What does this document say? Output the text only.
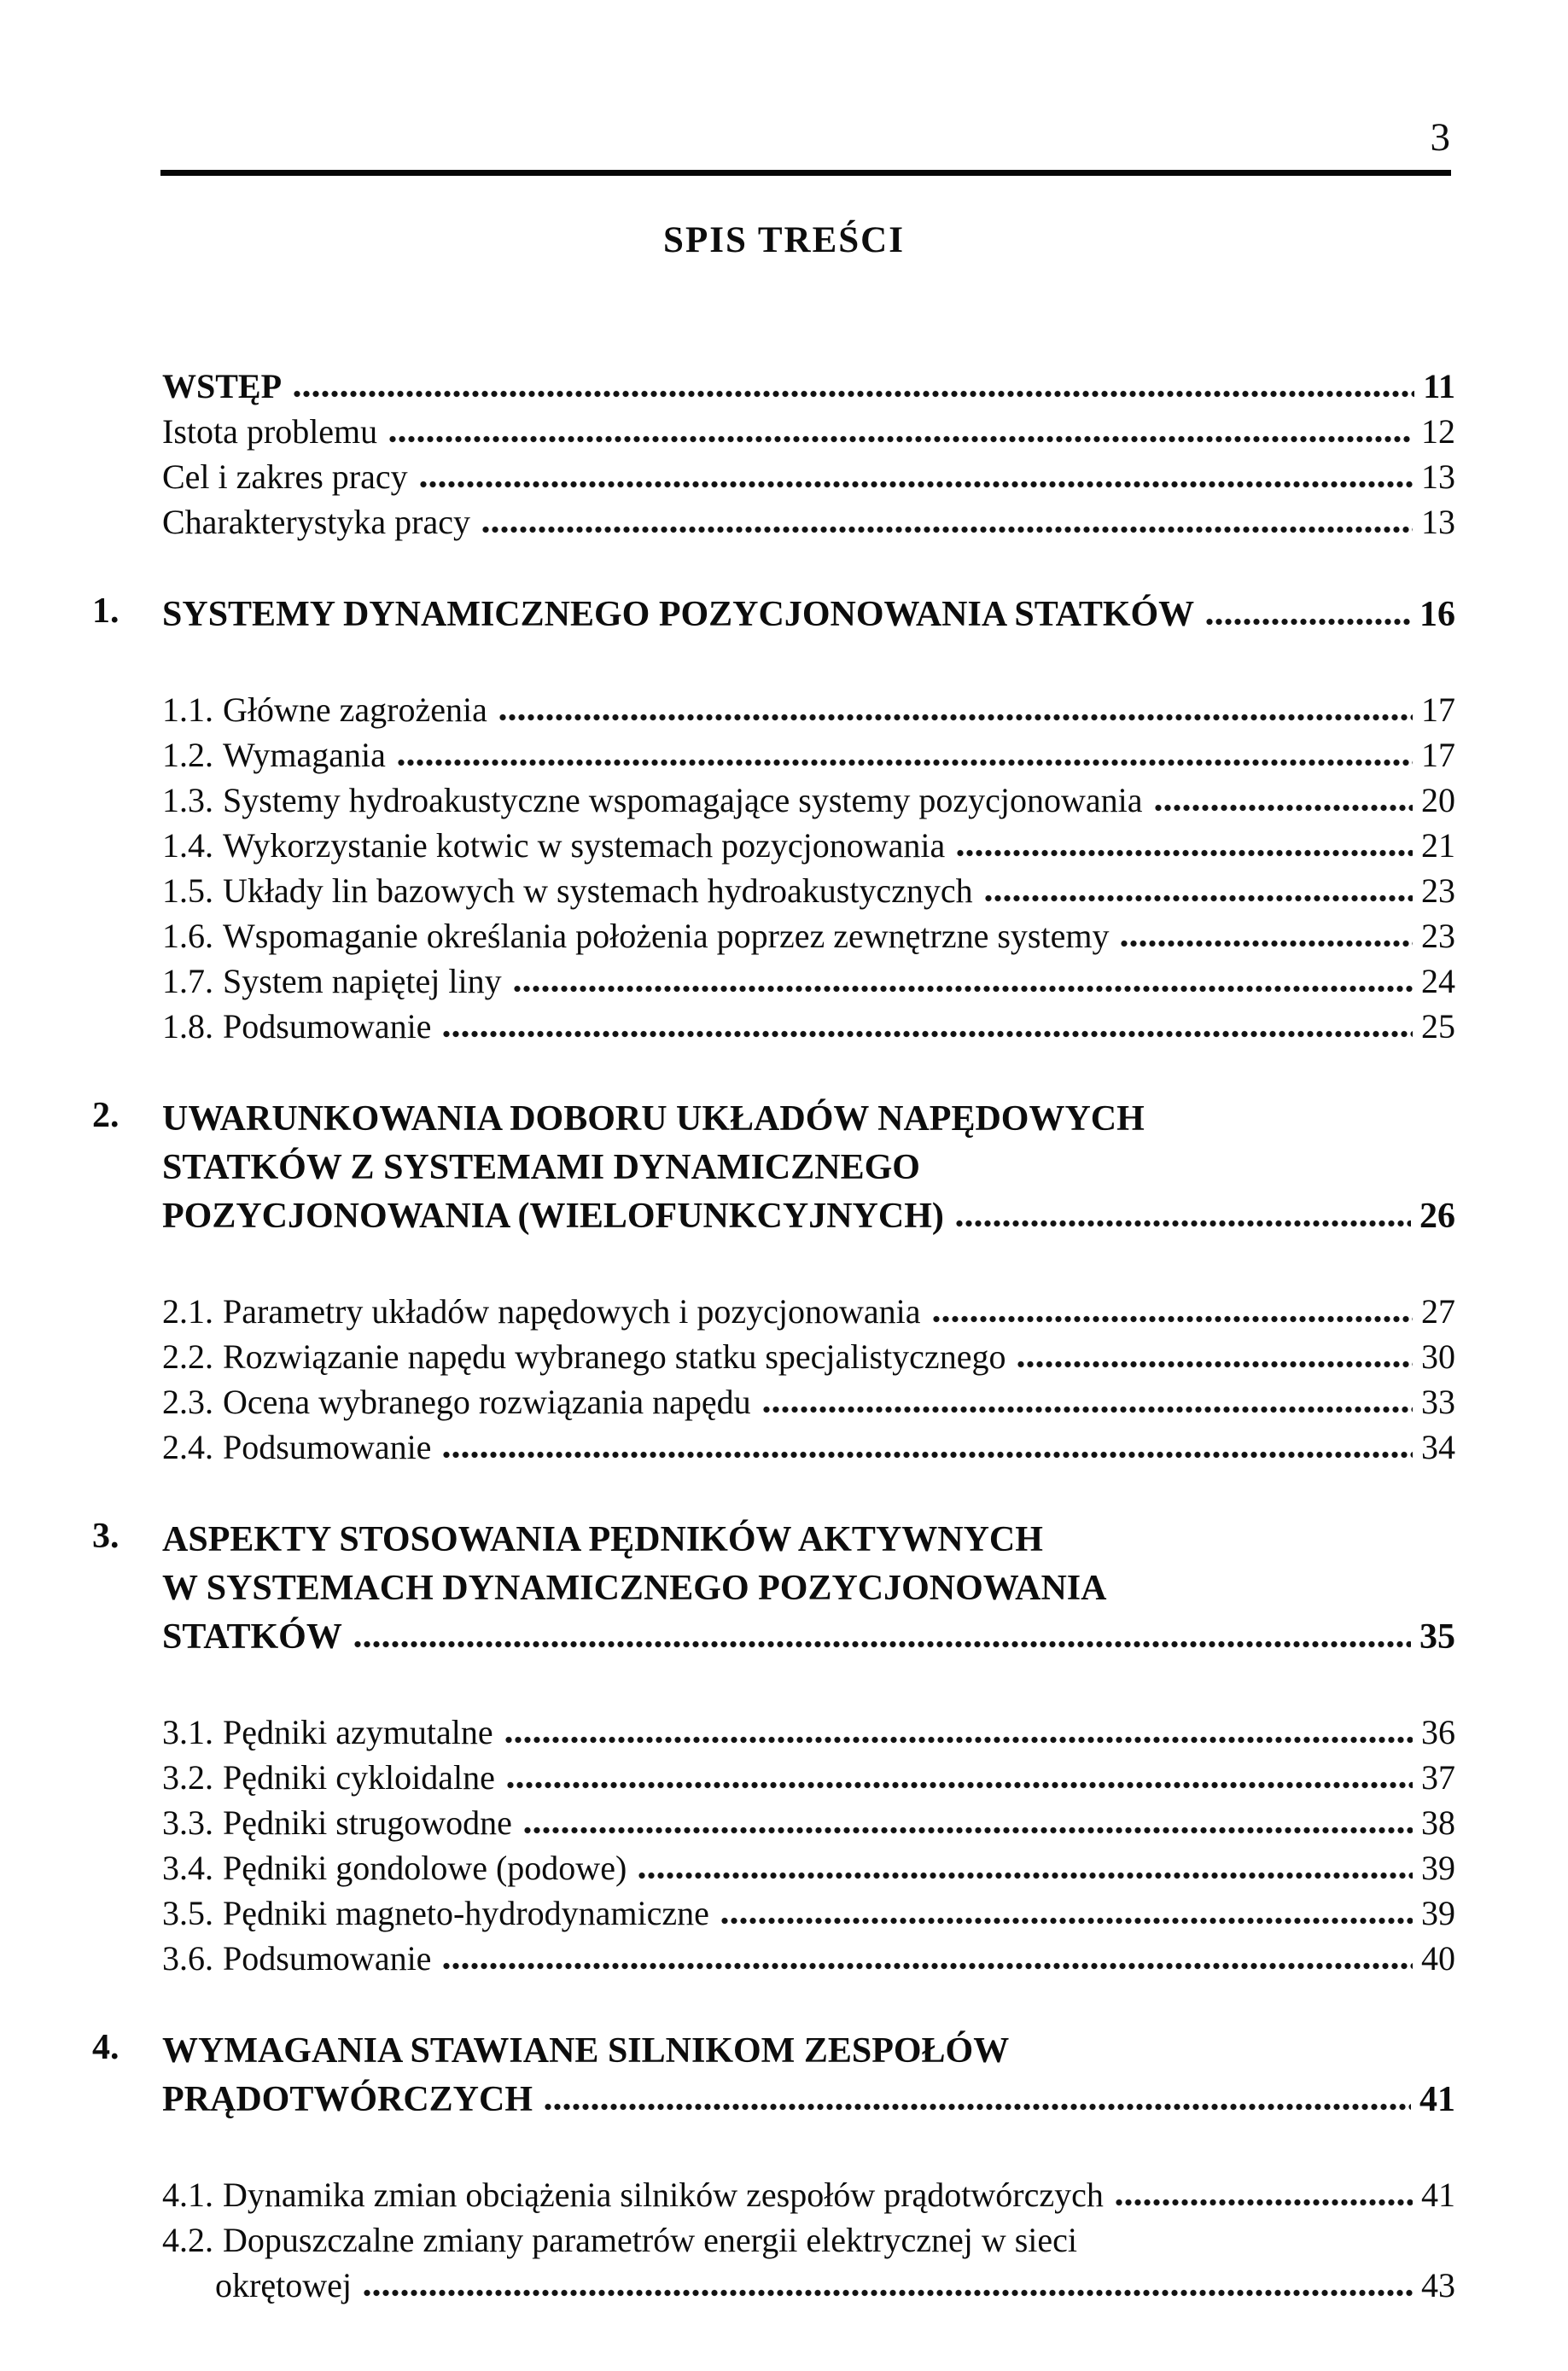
3
SPIS TREŚCI
WSTĘP	11
Istota problemu	12
Cel i zakres pracy	13
Charakterystyka pracy	13
1. SYSTEMY DYNAMICZNEGO POZYCJONOWANIA STATKÓW	16
1.1. Główne zagrożenia	17
1.2. Wymagania	17
1.3. Systemy hydroakustyczne wspomagające systemy pozycjonowania	20
1.4. Wykorzystanie kotwic w systemach pozycjonowania	21
1.5. Układy lin bazowych w systemach hydroakustycznych	23
1.6. Wspomaganie określania położenia poprzez zewnętrzne systemy	23
1.7. System napiętej liny	24
1.8. Podsumowanie	25
2. UWARUNKOWANIA DOBORU UKŁADÓW NAPĘDOWYCH
STATKÓW Z SYSTEMAMI DYNAMICZNEGO
POZYCJONOWANIA (WIELOFUNKCYJNYCH)	26
2.1. Parametry układów napędowych i pozycjonowania	27
2.2. Rozwiązanie napędu wybranego statku specjalistycznego	30
2.3. Ocena wybranego rozwiązania napędu	33
2.4. Podsumowanie	34
3. ASPEKTY STOSOWANIA PĘDNIKÓW AKTYWNYCH
W SYSTEMACH DYNAMICZNEGO POZYCJONOWANIA
STATKÓW	35
3.1. Pędniki azymutalne	36
3.2. Pędniki cykloidalne	37
3.3. Pędniki strugowodne	38
3.4. Pędniki gondolowe (podowe)	39
3.5. Pędniki magneto-hydrodynamiczne	39
3.6. Podsumowanie	40
4. WYMAGANIA STAWIANE SILNIKOM ZESPOŁÓW
PRĄDOTWÓRCZYCH	41
4.1. Dynamika zmian obciążenia silników zespołów prądotwórczych	41
4.2. Dopuszczalne zmiany parametrów energii elektrycznej w sieci
okrętowej	43
